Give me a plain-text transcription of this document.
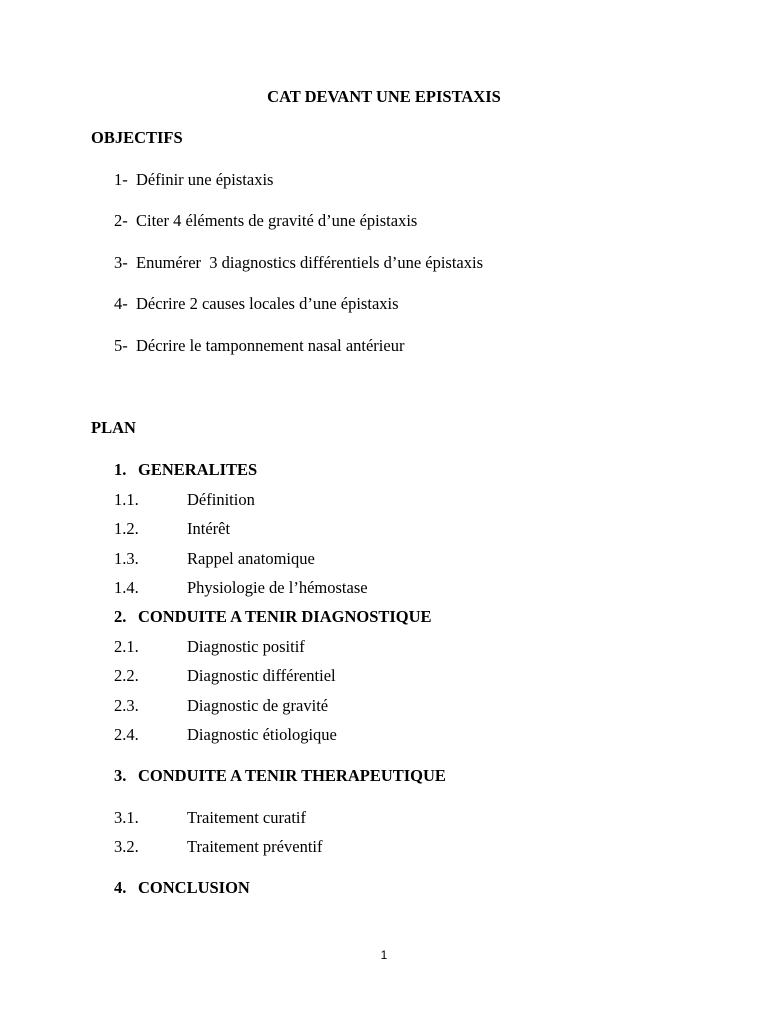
CAT DEVANT UNE EPISTAXIS
OBJECTIFS
1- Définir une épistaxis
2- Citer 4 éléments de gravité d’une épistaxis
3- Enumérer  3 diagnostics différentiels d’une épistaxis
4- Décrire 2 causes locales d’une épistaxis
5- Décrire le tamponnement nasal antérieur
PLAN
1. GENERALITES
1.1.	Définition
1.2.	Intérêt
1.3.	Rappel anatomique
1.4.	Physiologie de l’hémostase
2. CONDUITE A TENIR DIAGNOSTIQUE
2.1.	Diagnostic positif
2.2.	Diagnostic différentiel
2.3.	Diagnostic de gravité
2.4.	Diagnostic étiologique
3. CONDUITE A TENIR THERAPEUTIQUE
3.1.	Traitement curatif
3.2.	Traitement préventif
4. CONCLUSION
1
